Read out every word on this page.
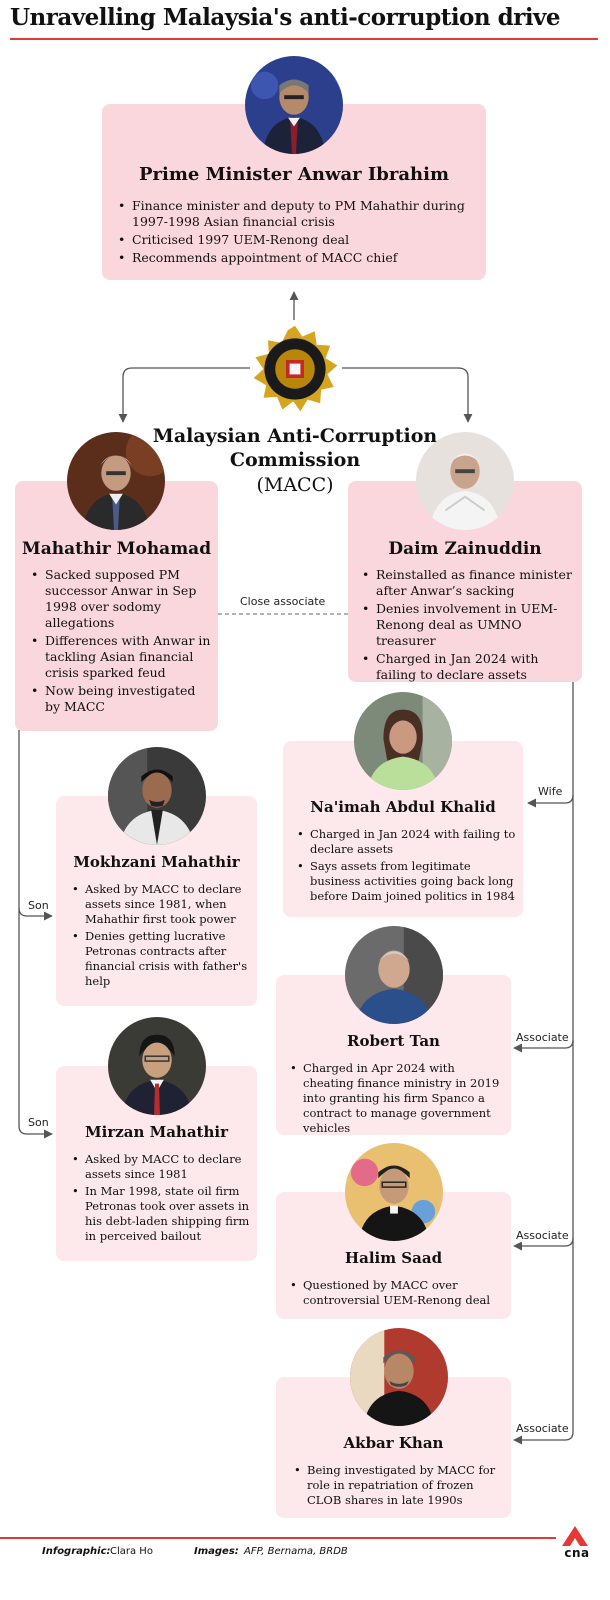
Unravelling Malaysia's anti-corruption drive
Prime Minister Anwar Ibrahim
• Finance minister and deputy to PM Mahathir during 1997-1998 Asian financial crisis
• Criticised 1997 UEM-Renong deal
• Recommends appointment of MACC chief
Malaysian Anti-Corruption Commission
(MACC)
Mahathir Mohamad
• Sacked supposed PM successor Anwar in Sep 1998 over sodomy allegations
• Differences with Anwar in tackling Asian financial crisis sparked feud
• Now being investigated by MACC
Daim Zainuddin
• Reinstalled as finance minister after Anwar’s sacking
• Denies involvement in UEM-Renong deal as UMNO treasurer
• Charged in Jan 2024 with failing to declare assets
Close associate
Na'imah Abdul Khalid
• Charged in Jan 2024 with failing to declare assets
• Says assets from legitimate business activities going back long before Daim joined politics in 1984
Wife
Mokhzani Mahathir
• Asked by MACC to declare assets since 1981, when Mahathir first took power
• Denies getting lucrative Petronas contracts after financial crisis with father's help
Son
Robert Tan
• Charged in Apr 2024 with cheating finance ministry in 2019 into granting his firm Spanco a contract to manage government vehicles
Associate
Mirzan Mahathir
• Asked by MACC to declare assets since 1981
• In Mar 1998, state oil firm Petronas took over assets in his debt-laden shipping firm in perceived bailout
Son
Halim Saad
• Questioned by MACC over controversial UEM-Renong deal
Associate
Akbar Khan
• Being investigated by MACC for role in repatriation of frozen CLOB shares in late 1990s
Associate
Infographic: Clara Ho	Images: AFP, Bernama, BRDB	cna
